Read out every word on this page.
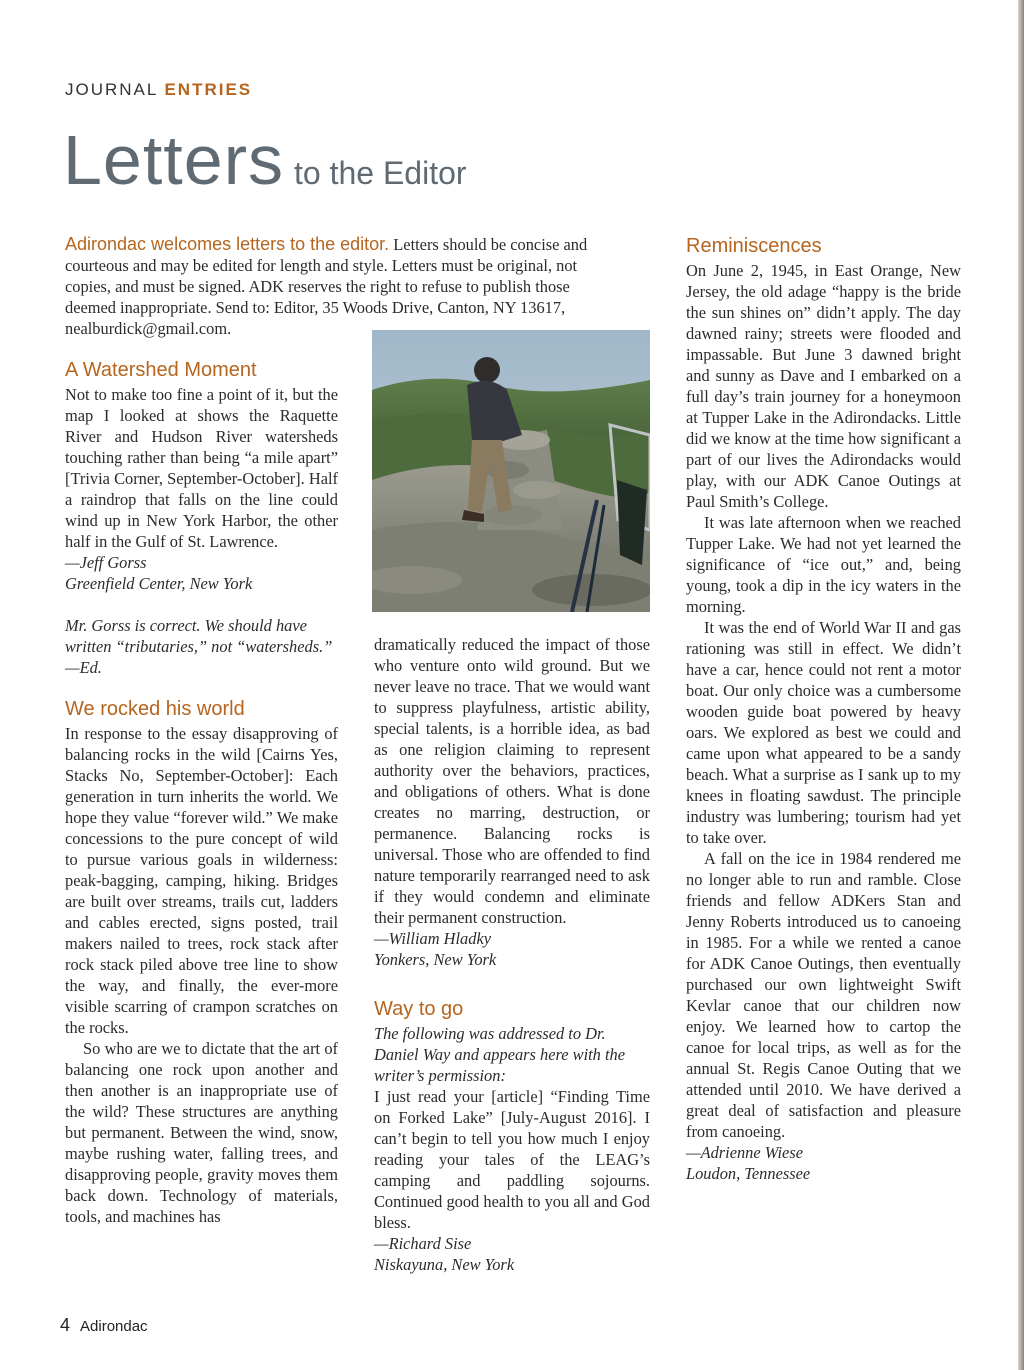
JOURNAL ENTRIES
Letters to the Editor
Adirondac welcomes letters to the editor. Letters should be concise and
courteous and may be edited for length and style. Letters must be original, not
copies, and must be signed. ADK reserves the right to refuse to publish those
deemed inappropriate. Send to: Editor, 35 Woods Drive, Canton, NY 13617,
nealburdick@gmail.com.
A Watershed Moment

Not to make too fine a point of it, but the map I looked at shows the Raquette River and Hudson River watersheds touching rather than being “a mile apart” [Trivia Corner, September-October]. Half a raindrop that falls on the line could wind up in New York Harbor, the other half in the Gulf of St. Lawrence.

—Jeff Gorss

Greenfield Center, New York

Mr. Gorss is correct. We should have written “tributaries,” not “watersheds.” —Ed.

We rocked his world

In response to the essay disapproving of balancing rocks in the wild [Cairns Yes, Stacks No, September-October]: Each generation in turn inherits the world. We hope they value “forever wild.” We make concessions to the pure concept of wild to pursue various goals in wilderness: peak-bagging, camping, hiking. Bridges are built over streams, trails cut, ladders and cables erected, signs posted, trail makers nailed to trees, rock stack after rock stack piled above tree line to show the way, and finally, the ever-more visible scarring of crampon scratches on the rocks.

So who are we to dictate that the art of balancing one rock upon another and then another is an inappropriate use of the wild? These structures are anything but permanent. Between the wind, snow, maybe rushing water, falling trees, and disapproving people, gravity moves them back down. Technology of materials, tools, and machines has

dramatically reduced the impact of those who venture onto wild ground. But we never leave no trace. That we would want to suppress playfulness, artistic ability, special talents, is a horrible idea, as bad as one religion claiming to represent authority over the behaviors, practices, and obligations of others. What is done creates no marring, destruction, or permanence. Balancing rocks is universal. Those who are offended to find nature temporarily rearranged need to ask if they would condemn and eliminate their permanent construction.

—William Hladky

Yonkers, New York

Way to go

The following was addressed to Dr. Daniel Way and appears here with the writer’s permission:

I just read your [article] “Finding Time on Forked Lake” [July-August 2016]. I can’t begin to tell you how much I enjoy reading your tales of the LEAG’s camping and paddling sojourns. Continued good health to you all and God bless.

—Richard Sise

Niskayuna, New York

Reminiscences

On June 2, 1945, in East Orange, New Jersey, the old adage “happy is the bride the sun shines on” didn’t apply. The day dawned rainy; streets were flooded and impassable. But June 3 dawned bright and sunny as Dave and I embarked on a full day’s train journey for a honeymoon at Tupper Lake in the Adirondacks. Little did we know at the time how significant a part of our lives the Adirondacks would play, with our ADK Canoe Outings at Paul Smith’s College.

It was late afternoon when we reached Tupper Lake. We had not yet learned the significance of “ice out,” and, being young, took a dip in the icy waters in the morning.

It was the end of World War II and gas rationing was still in effect. We didn’t have a car, hence could not rent a motor boat. Our only choice was a cumbersome wooden guide boat powered by heavy oars. We explored as best we could and came upon what appeared to be a sandy beach. What a surprise as I sank up to my knees in floating sawdust. The principle industry was lumbering; tourism had yet to take over.

A fall on the ice in 1984 rendered me no longer able to run and ramble. Close friends and fellow ADKers Stan and Jenny Roberts introduced us to canoeing in 1985. For a while we rented a canoe for ADK Canoe Outings, then eventually purchased our own lightweight Swift Kevlar canoe that our children now enjoy. We learned how to cartop the canoe for local trips, as well as for the annual St. Regis Canoe Outing that we attended until 2010. We have derived a great deal of satisfaction and pleasure from canoeing.

—Adrienne Wiese

Loudon, Tennessee

4 Adirondac
